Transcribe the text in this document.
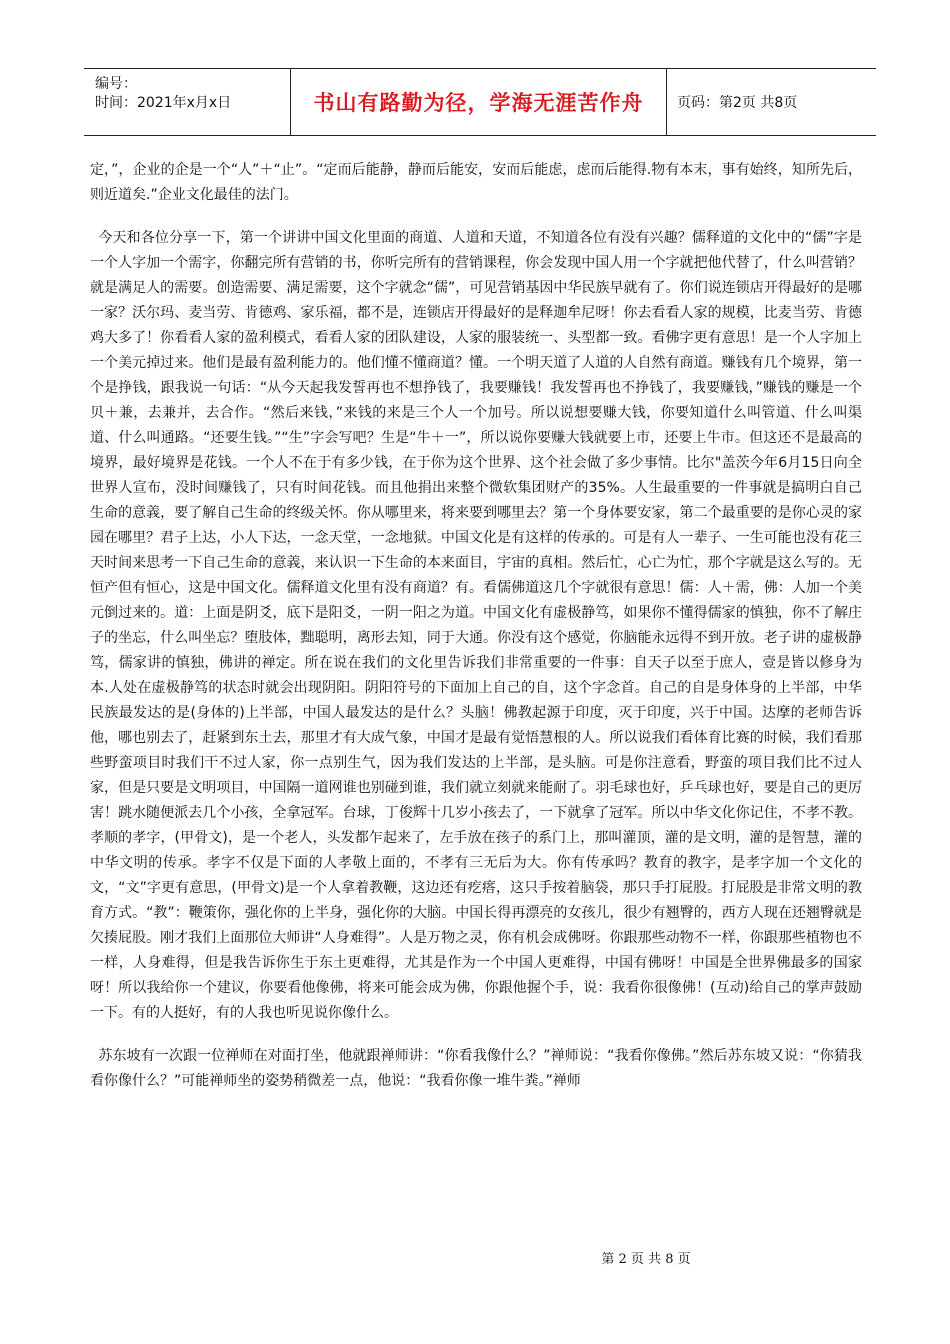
编号：
时间：2021年x月x日	书山有路勤为径，学海无涯苦作舟	页码：第2页 共8页

定，”，企业的企是一个“人”＋“止”。“定而后能静，静而后能安，安而后能虑，虑而后能得.物有本末，事有始终，知所先后，则近道矣.”企业文化最佳的法门。

今天和各位分享一下，第一个讲讲中国文化里面的商道、人道和天道，不知道各位有没有兴趣？儒释道的文化中的“儒”字是一个人字加一个需字，你翻完所有营销的书，你听完所有的营销课程，你会发现中国人用一个字就把他代替了，什么叫营销？就是满足人的需要。创造需要、满足需要，这个字就念“儒”，可见营销基因中华民族早就有了。你们说连锁店开得最好的是哪一家？沃尔玛、麦当劳、肯德鸡、家乐福，都不是，连锁店开得最好的是释迦牟尼呀！你去看看人家的规模，比麦当劳、肯德鸡大多了！你看看人家的盈利模式，看看人家的团队建设，人家的服装统一、头型都一致。看佛字更有意思！是一个人字加上一个美元掉过来。他们是最有盈利能力的。他们懂不懂商道？懂。一个明天道了人道的人自然有商道。赚钱有几个境界，第一个是挣钱，跟我说一句话：“从今天起我发誓再也不想挣钱了，我要赚钱！我发誓再也不挣钱了，我要赚钱，”赚钱的赚是一个贝＋兼，去兼并，去合作。“然后来钱，”来钱的来是三个人一个加号。所以说想要赚大钱，你要知道什么叫管道、什么叫渠道、什么叫通路。“还要生钱。”“生”字会写吧？生是“牛＋一”，所以说你要赚大钱就要上市，还要上牛市。但这还不是最高的境界，最好境界是花钱。一个人不在于有多少钱，在于你为这个世界、这个社会做了多少事情。比尔"盖茨今年6月15日向全世界人宣布，没时间赚钱了，只有时间花钱。而且他捐出来整个微软集团财产的35%。人生最重要的一件事就是搞明白自己生命的意義，要了解自己生命的终级关怀。你从哪里来，将来要到哪里去？第一个身体要安家，第二个最重要的是你心灵的家园在哪里？君子上达，小人下达，一念天堂，一念地狱。中国文化是有这样的传承的。可是有人一辈子、一生可能也没有花三天时间来思考一下自己生命的意義，来认识一下生命的本来面目，宇宙的真相。然后忙，心亡为忙，那个字就是这么写的。无恒产但有恒心，这是中国文化。儒释道文化里有没有商道？有。看儒佛道这几个字就很有意思！儒：人＋需，佛：人加一个美元倒过来的。道：上面是阴爻，底下是阳爻，一阴一阳之为道。中国文化有虚极静笃，如果你不懂得儒家的慎独，你不了解庄子的坐忘，什么叫坐忘？堕肢体，黜聪明，离形去知，同于大通。你没有这个感觉，你脑能永远得不到开放。老子讲的虚极静笃，儒家讲的慎独，佛讲的禅定。所在说在我们的文化里告诉我们非常重要的一件事：自天子以至于庶人，壹是皆以修身为本.人处在虚极静笃的状态时就会出现阴阳。阴阳符号的下面加上自己的自，这个字念首。自己的自是身体身的上半部，中华民族最发达的是(身体的)上半部，中国人最发达的是什么？头脑！佛教起源于印度，灭于印度，兴于中国。达摩的老师告诉他，哪也别去了，赶紧到东土去，那里才有大成气象，中国才是最有觉悟慧根的人。所以说我们看体育比赛的时候，我们看那些野蛮项目时我们干不过人家，你一点别生气，因为我们发达的上半部，是头脑。可是你注意看，野蛮的项目我们比不过人家，但是只要是文明项目，中国隔一道网谁也别碰到谁，我们就立刻就来能耐了。羽毛球也好，乒乓球也好，要是自己的更厉害！跳水随便派去几个小孩，全拿冠军。台球，丁俊辉十几岁小孩去了，一下就拿了冠军。所以中华文化你记住，不孝不教。孝顺的孝字，(甲骨文)，是一个老人，头发都乍起来了，左手放在孩子的系门上，那叫灌顶，灌的是文明，灌的是智慧，灌的中华文明的传承。孝字不仅是下面的人孝敬上面的，不孝有三无后为大。你有传承吗？教育的教字，是孝字加一个文化的文，“文”字更有意思，(甲骨文)是一个人拿着教鞭，这边还有疙瘩，这只手按着脑袋，那只手打屁股。打屁股是非常文明的教育方式。“教”：鞭策你，强化你的上半身，强化你的大脑。中国长得再漂亮的女孩儿，很少有翘臀的，西方人现在还翘臀就是欠揍屁股。刚才我们上面那位大师讲“人身难得”。人是万物之灵，你有机会成佛呀。你跟那些动物不一样，你跟那些植物也不一样，人身难得，但是我告诉你生于东土更难得，尤其是作为一个中国人更难得，中国有佛呀！中国是全世界佛最多的国家呀！所以我给你一个建议，你要看他像佛，将来可能会成为佛，你跟他握个手，说：我看你很像佛！(互动)给自己的掌声鼓励一下。有的人挺好，有的人我也听见说你像什么。

苏东坡有一次跟一位禅师在对面打坐，他就跟禅师讲：“你看我像什么？”禅师说：“我看你像佛。”然后苏东坡又说：“你猜我看你像什么？”可能禅师坐的姿势稍微差一点，他说：“我看你像一堆牛粪。”禅师

第 2 页 共 8 页
